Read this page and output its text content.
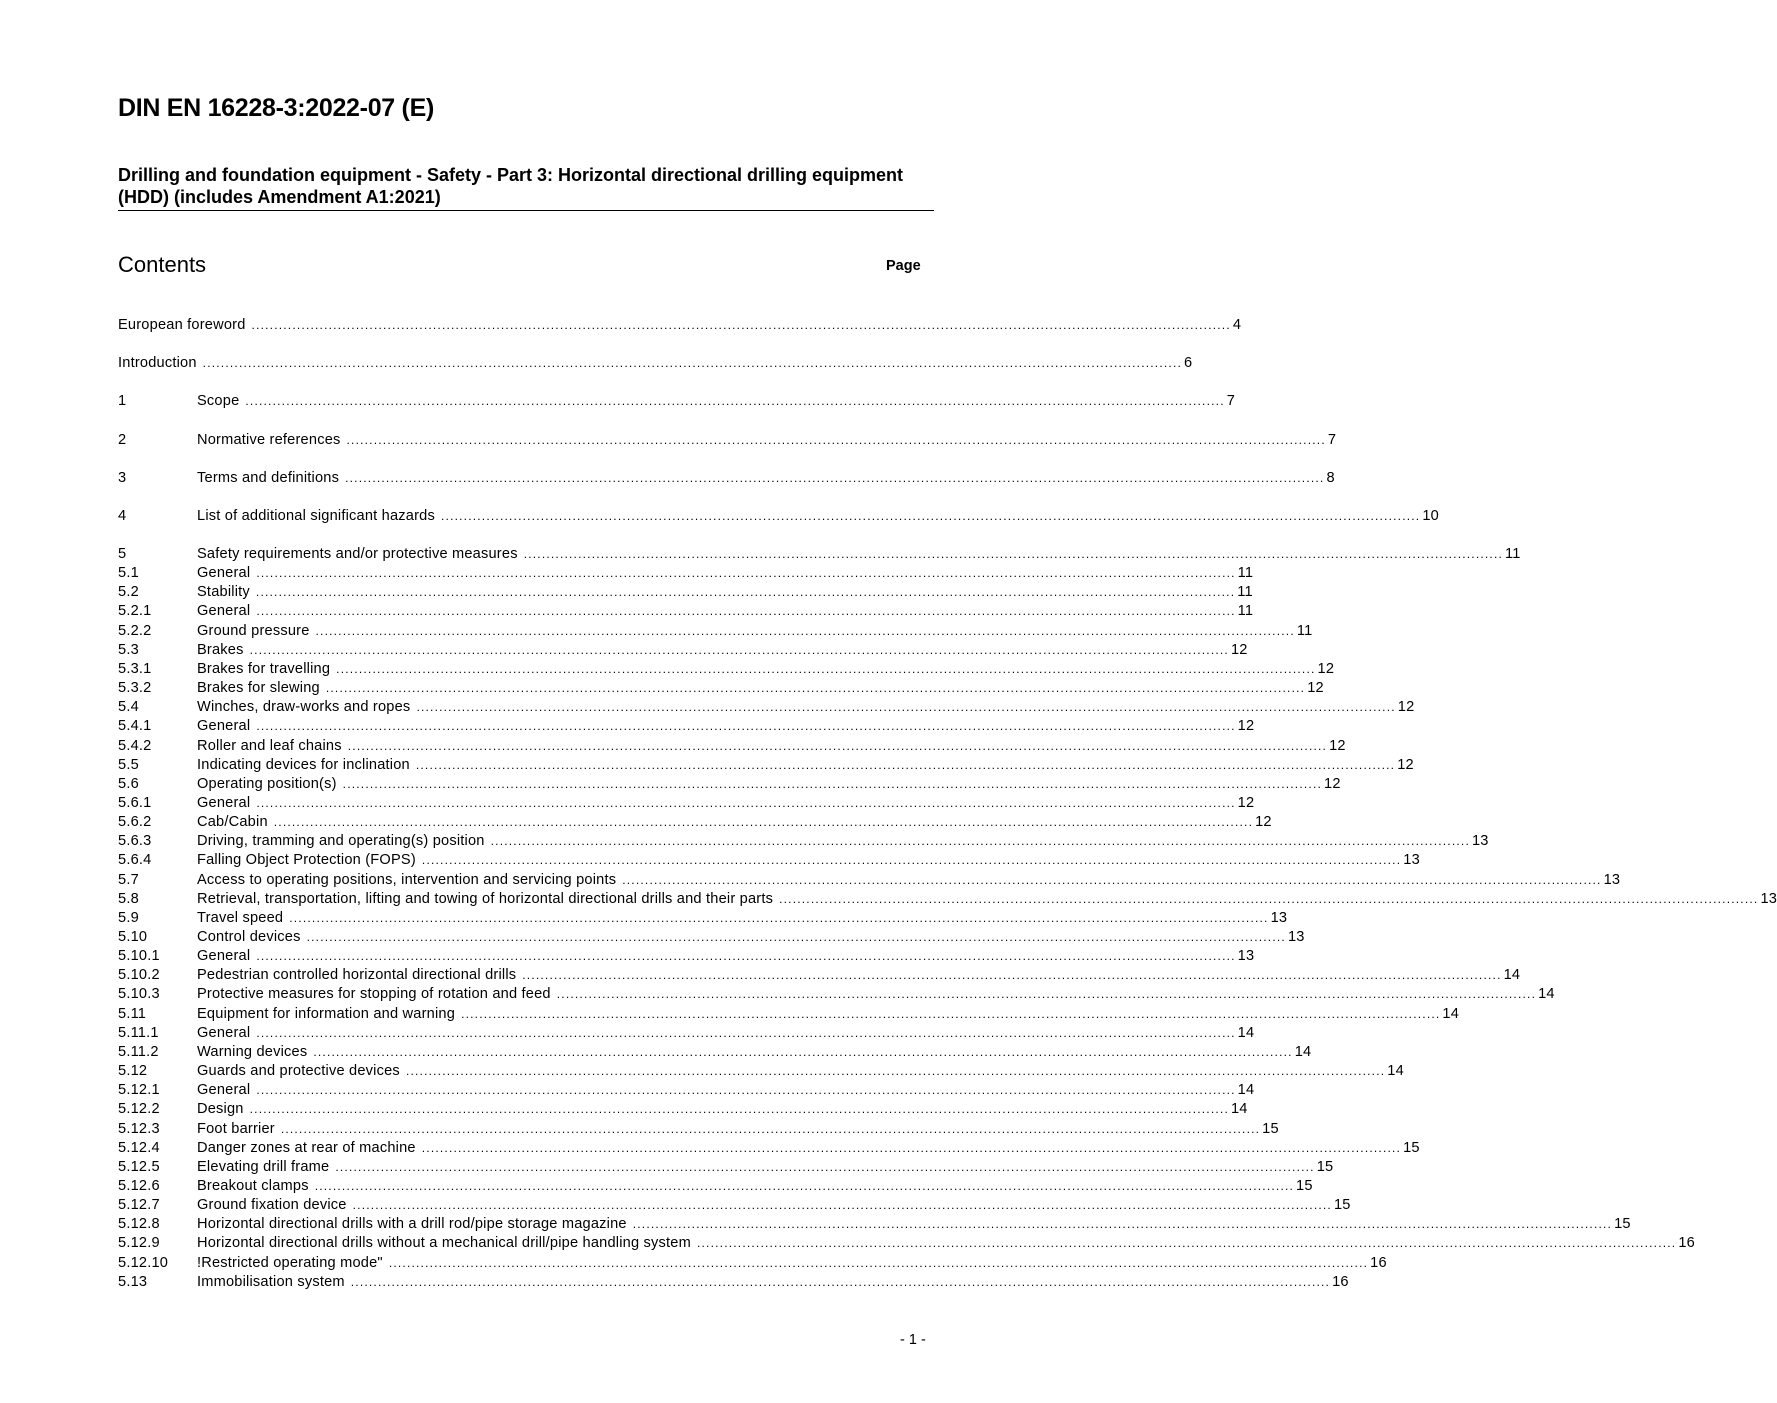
DIN EN 16228-3:2022-07 (E)
Drilling and foundation equipment - Safety - Part 3: Horizontal directional drilling equipment (HDD) (includes Amendment A1:2021)
Contents	Page
European foreword ........................................................................................................................................................................................................................ 4
Introduction ........................................................................................................................................................................................................................ 6
1	Scope ........................................................................................................................................................................................................................ 7
2	Normative references ........................................................................................................................................................................................................................ 7
3	Terms and definitions ........................................................................................................................................................................................................................ 8
4	List of additional significant hazards ........................................................................................................................................................................................................................ 10
5	Safety requirements and/or protective measures ........................................................................................................................................................................................................................ 11
5.1	General ........................................................................................................................................................................................................................ 11
5.2	Stability ........................................................................................................................................................................................................................ 11
5.2.1	General ........................................................................................................................................................................................................................ 11
5.2.2	Ground pressure ........................................................................................................................................................................................................................ 11
5.3	Brakes ........................................................................................................................................................................................................................ 12
5.3.1	Brakes for travelling ........................................................................................................................................................................................................................ 12
5.3.2	Brakes for slewing ........................................................................................................................................................................................................................ 12
5.4	Winches, draw-works and ropes ........................................................................................................................................................................................................................ 12
5.4.1	General ........................................................................................................................................................................................................................ 12
5.4.2	Roller and leaf chains ........................................................................................................................................................................................................................ 12
5.5	Indicating devices for inclination ........................................................................................................................................................................................................................ 12
5.6	Operating position(s) ........................................................................................................................................................................................................................ 12
5.6.1	General ........................................................................................................................................................................................................................ 12
5.6.2	Cab/Cabin ........................................................................................................................................................................................................................ 12
5.6.3	Driving, tramming and operating(s) position ........................................................................................................................................................................................................................ 13
5.6.4	Falling Object Protection (FOPS) ........................................................................................................................................................................................................................ 13
5.7	Access to operating positions, intervention and servicing points ........................................................................................................................................................................................................................ 13
5.8	Retrieval, transportation, lifting and towing of horizontal directional drills and their parts ........................................................................................................................................................................................................................ 13
5.9	Travel speed ........................................................................................................................................................................................................................ 13
5.10	Control devices ........................................................................................................................................................................................................................ 13
5.10.1	General ........................................................................................................................................................................................................................ 13
5.10.2	Pedestrian controlled horizontal directional drills ........................................................................................................................................................................................................................ 14
5.10.3	Protective measures for stopping of rotation and feed ........................................................................................................................................................................................................................ 14
5.11	Equipment for information and warning ........................................................................................................................................................................................................................ 14
5.11.1	General ........................................................................................................................................................................................................................ 14
5.11.2	Warning devices ........................................................................................................................................................................................................................ 14
5.12	Guards and protective devices ........................................................................................................................................................................................................................ 14
5.12.1	General ........................................................................................................................................................................................................................ 14
5.12.2	Design ........................................................................................................................................................................................................................ 14
5.12.3	Foot barrier ........................................................................................................................................................................................................................ 15
5.12.4	Danger zones at rear of machine ........................................................................................................................................................................................................................ 15
5.12.5	Elevating drill frame ........................................................................................................................................................................................................................ 15
5.12.6	Breakout clamps ........................................................................................................................................................................................................................ 15
5.12.7	Ground fixation device ........................................................................................................................................................................................................................ 15
5.12.8	Horizontal directional drills with a drill rod/pipe storage magazine ........................................................................................................................................................................................................................ 15
5.12.9	Horizontal directional drills without a mechanical drill/pipe handling system ........................................................................................................................................................................................................................ 16
5.12.10	!Restricted operating mode" ........................................................................................................................................................................................................................ 16
5.13	Immobilisation system ........................................................................................................................................................................................................................ 16
- 1 -
